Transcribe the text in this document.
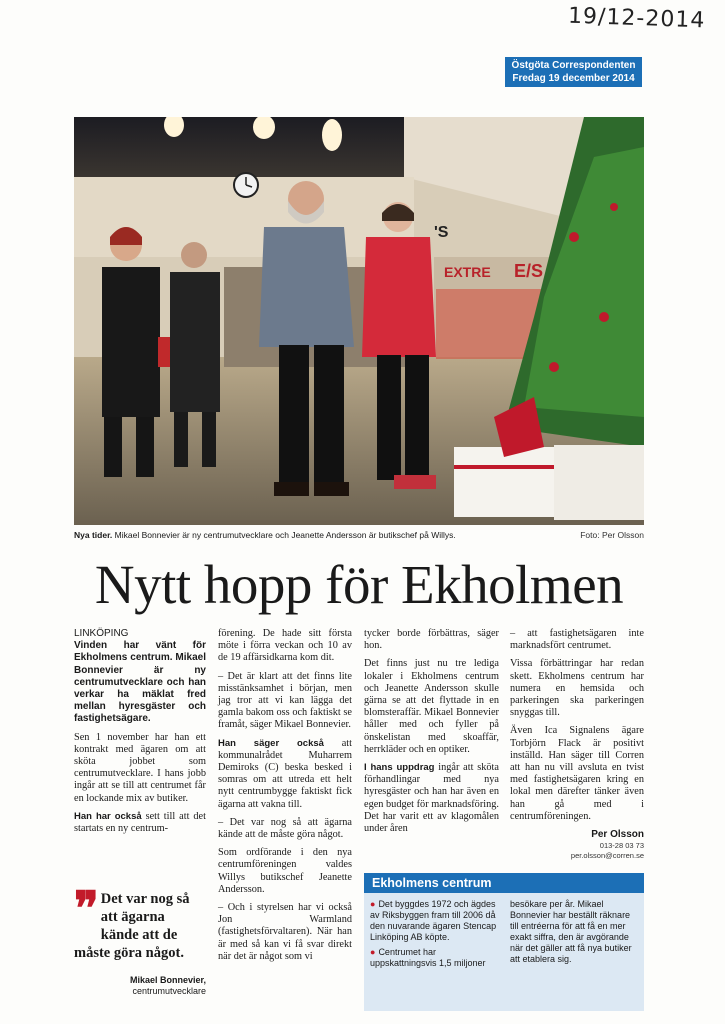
19/12-2014
Östgöta Correspondenten
Fredag 19 december 2014
EXTRE E/S
'S
Nya tider. Mikael Bonnevier är ny centrumutvecklare och Jeanette Andersson är butikschef på Willys.	Foto: Per Olsson
Nytt hopp för Ekholmen
LINKÖPING

Vinden har vänt för Ekholmens centrum. Mikael Bonnevier är ny centrumutvecklare och han verkar ha mäklat fred mellan hyresgäster och fastighetsägare.

Sen 1 november har han ett kontrakt med ägaren om att sköta jobbet som centrumutvecklare. I hans jobb ingår att se till att centrumet får en lockande mix av butiker.

Han har också sett till att det startats en ny centrum-

❞ Det var nog så att ägarna kände att de måste göra något.
Mikael Bonnevier,
centrumutvecklare

förening. De hade sitt första möte i förra veckan och 10 av de 19 affärsidkarna kom dit.

– Det är klart att det finns lite misstänksamhet i början, men jag tror att vi kan lägga det gamla bakom oss och faktiskt se framåt, säger Mikael Bonnevier.

Han säger också att kommunalrådet Muharrem Demiroks (C) beska besked i somras om att utreda ett helt nytt centrumbygge faktiskt fick ägarna att vakna till.

– Det var nog så att ägarna kände att de måste göra något.

Som ordförande i den nya centrumföreningen valdes Willys butikschef Jeanette Andersson.

– Och i styrelsen har vi också Jon Warmland (fastighetsförvaltaren). När han är med så kan vi få svar direkt när det är något som vi

tycker borde förbättras, säger hon.

Det finns just nu tre lediga lokaler i Ekholmens centrum och Jeanette Andersson skulle gärna se att det flyttade in en blomsteraffär. Mikael Bonnevier håller med och fyller på önskelistan med skoaffär, herrkläder och en optiker.

I hans uppdrag ingår att sköta förhandlingar med nya hyresgäster och han har även en egen budget för marknadsföring. Det har varit ett av klagomålen under åren

– att fastighetsägaren inte marknadsfört centrumet.

Vissa förbättringar har redan skett. Ekholmens centrum har numera en hemsida och parkeringen ska parkeringen snyggas till.

Även Ica Signalens ägare Torbjörn Flack är positivt inställd. Han säger till Corren att han nu vill avsluta en tvist med fastighetsägaren kring en lokal men därefter tänker även han gå med i centrumföreningen.

Per Olsson
013-28 03 73
per.olsson@corren.se
Ekholmens centrum
● Det byggdes 1972 och ägdes av Riksbyggen fram till 2006 då den nuvarande ägaren Stencap Linköping AB köpte.
● Centrumet har uppskattningsvis 1,5 miljoner
besökare per år. Mikael Bonnevier har beställt räknare till entréerna för att få en mer exakt siffra, den är avgörande när det gäller att få nya butiker att etablera sig.
